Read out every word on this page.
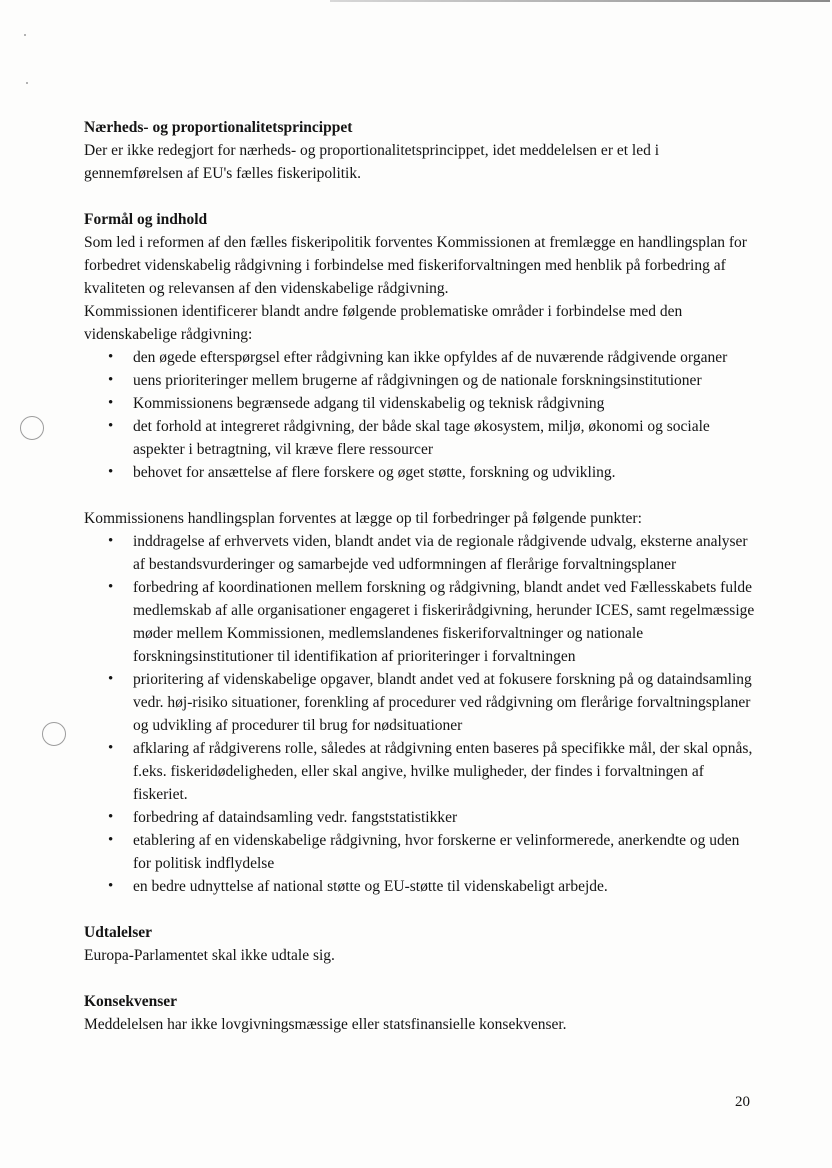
Nærheds- og proportionalitetsprincippet

Der er ikke redegjort for nærheds- og proportionalitetsprincippet, idet meddelelsen er et led i gennemførelsen af EU's fælles fiskeripolitik.

Formål og indhold

Som led i reformen af den fælles fiskeripolitik forventes Kommissionen at fremlægge en handlingsplan for forbedret videnskabelig rådgivning i forbindelse med fiskeriforvaltningen med henblik på forbedring af kvaliteten og relevansen af den videnskabelige rådgivning.

Kommissionen identificerer blandt andre følgende problematiske områder i forbindelse med den videnskabelige rådgivning:

• den øgede efterspørgsel efter rådgivning kan ikke opfyldes af de nuværende rådgivende organer
• uens prioriteringer mellem brugerne af rådgivningen og de nationale forskningsinstitutioner
• Kommissionens begrænsede adgang til videnskabelig og teknisk rådgivning
• det forhold at integreret rådgivning, der både skal tage økosystem, miljø, økonomi og sociale aspekter i betragtning, vil kræve flere ressourcer
• behovet for ansættelse af flere forskere og øget støtte, forskning og udvikling.

Kommissionens handlingsplan forventes at lægge op til forbedringer på følgende punkter:

• inddragelse af erhvervets viden, blandt andet via de regionale rådgivende udvalg, eksterne analyser af bestandsvurderinger og samarbejde ved udformningen af flerårige forvaltningsplaner
• forbedring af koordinationen mellem forskning og rådgivning, blandt andet ved Fællesskabets fulde medlemskab af alle organisationer engageret i fiskerirådgivning, herunder ICES, samt regelmæssige møder mellem Kommissionen, medlemslandenes fiskeriforvaltninger og nationale forskningsinstitutioner til identifikation af prioriteringer i forvaltningen
• prioritering af videnskabelige opgaver, blandt andet ved at fokusere forskning på og dataindsamling vedr. høj-risiko situationer, forenkling af procedurer ved rådgivning om flerårige forvaltningsplaner og udvikling af procedurer til brug for nødsituationer
• afklaring af rådgiverens rolle, således at rådgivning enten baseres på specifikke mål, der skal opnås, f.eks. fiskeridødeligheden, eller skal angive, hvilke muligheder, der findes i forvaltningen af fiskeriet.
• forbedring af dataindsamling vedr. fangststatistikker
• etablering af en videnskabelige rådgivning, hvor forskerne er velinformerede, anerkendte og uden for politisk indflydelse
• en bedre udnyttelse af national støtte og EU-støtte til videnskabeligt arbejde.

Udtalelser

Europa-Parlamentet skal ikke udtale sig.

Konsekvenser

Meddelelsen har ikke lovgivningsmæssige eller statsfinansielle konsekvenser.

20
